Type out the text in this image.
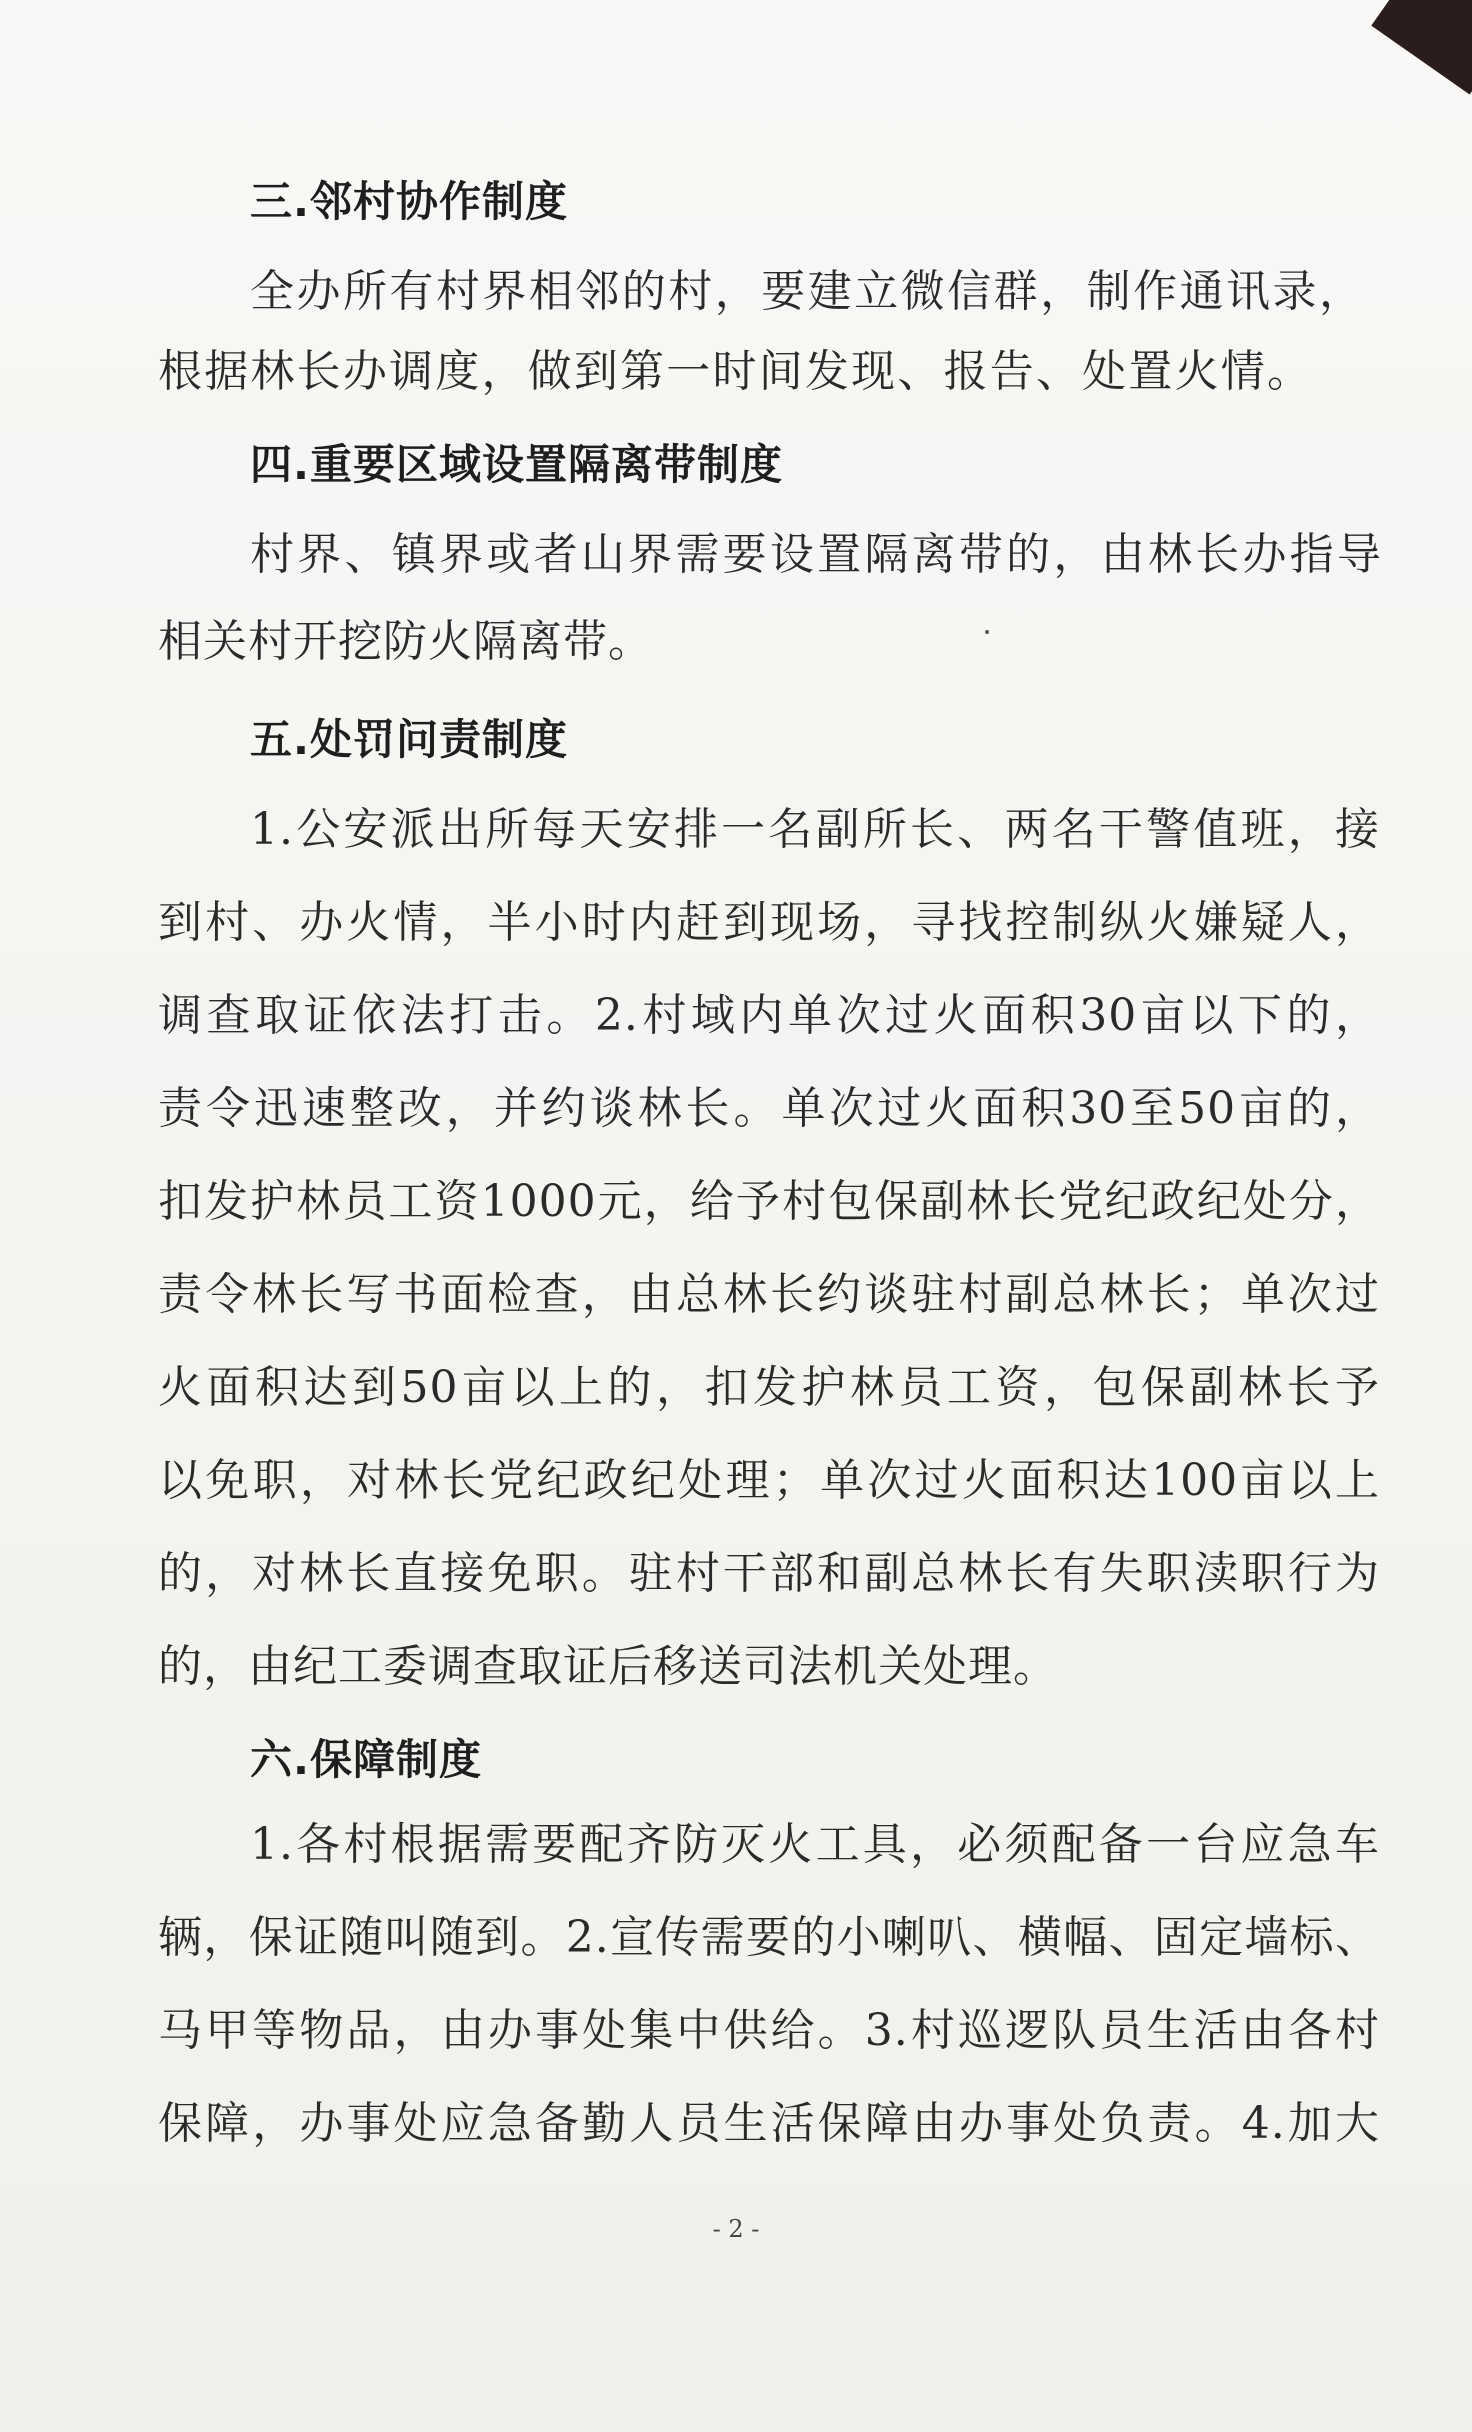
三.邻村协作制度
全办所有村界相邻的村，要建立微信群，制作通讯录，
根据林长办调度，做到第一时间发现、报告、处置火情。
四.重要区域设置隔离带制度
村界、镇界或者山界需要设置隔离带的，由林长办指导
相关村开挖防火隔离带。
五.处罚问责制度
1.公安派出所每天安排一名副所长、两名干警值班，接
到村、办火情，半小时内赶到现场，寻找控制纵火嫌疑人，
调查取证依法打击。2.村域内单次过火面积30亩以下的，
责令迅速整改，并约谈林长。单次过火面积30至50亩的，
扣发护林员工资1000元，给予村包保副林长党纪政纪处分，
责令林长写书面检查，由总林长约谈驻村副总林长；单次过
火面积达到50亩以上的，扣发护林员工资，包保副林长予
以免职，对林长党纪政纪处理；单次过火面积达100亩以上
的，对林长直接免职。驻村干部和副总林长有失职渎职行为
的，由纪工委调查取证后移送司法机关处理。
六.保障制度
1.各村根据需要配齐防灭火工具，必须配备一台应急车
辆，保证随叫随到。2.宣传需要的小喇叭、横幅、固定墙标、
马甲等物品，由办事处集中供给。3.村巡逻队员生活由各村
保障，办事处应急备勤人员生活保障由办事处负责。4.加大
- 2 -
